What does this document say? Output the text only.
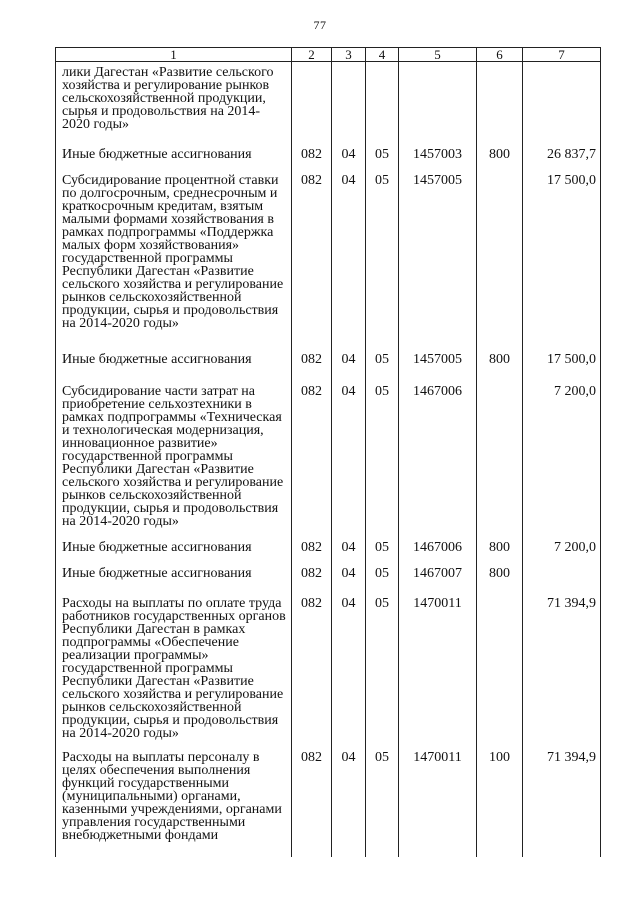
77
1	2	3	4	5	6	7
лики Дагестан «Развитие сельского хозяйства и регулирование рынков сельскохозяйственной продукции, сырья и продовольствия на 2014-2020 годы»						
Иные бюджетные ассигнования	082	04	05	1457003	800	26 837,7
Субсидирование процентной ставки по долгосрочным, среднесрочным и краткосрочным кредитам, взятым малыми формами хозяйствования в рамках подпрограммы «Поддержка малых форм хозяйствования» государственной программы Республики Дагестан «Развитие сельского хозяйства и регулирование рынков сельскохозяйственной продукции, сырья и продовольствия на 2014-2020 годы»	082	04	05	1457005		17 500,0
Иные бюджетные ассигнования	082	04	05	1457005	800	17 500,0
Субсидирование части затрат на приобретение сельхозтехники в рамках подпрограммы «Техническая и технологическая модернизация, инновационное развитие» государственной программы Республики Дагестан «Развитие сельского хозяйства и регулирование рынков сельскохозяйственной продукции, сырья и продовольствия на 2014-2020 годы»	082	04	05	1467006		7 200,0
Иные бюджетные ассигнования	082	04	05	1467006	800	7 200,0
Иные бюджетные ассигнования	082	04	05	1467007	800	
Расходы на выплаты по оплате труда работников государственных органов Республики Дагестан в рамках подпрограммы «Обеспечение реализации программы» государственной программы Республики Дагестан «Развитие сельского хозяйства и регулирование рынков сельскохозяйственной продукции, сырья и продовольствия на 2014-2020 годы»	082	04	05	1470011		71 394,9
Расходы на выплаты персоналу в целях обеспечения выполнения функций государственными (муниципальными) органами, казенными учреждениями, органами управления государственными внебюджетными фондами	082	04	05	1470011	100	71 394,9
